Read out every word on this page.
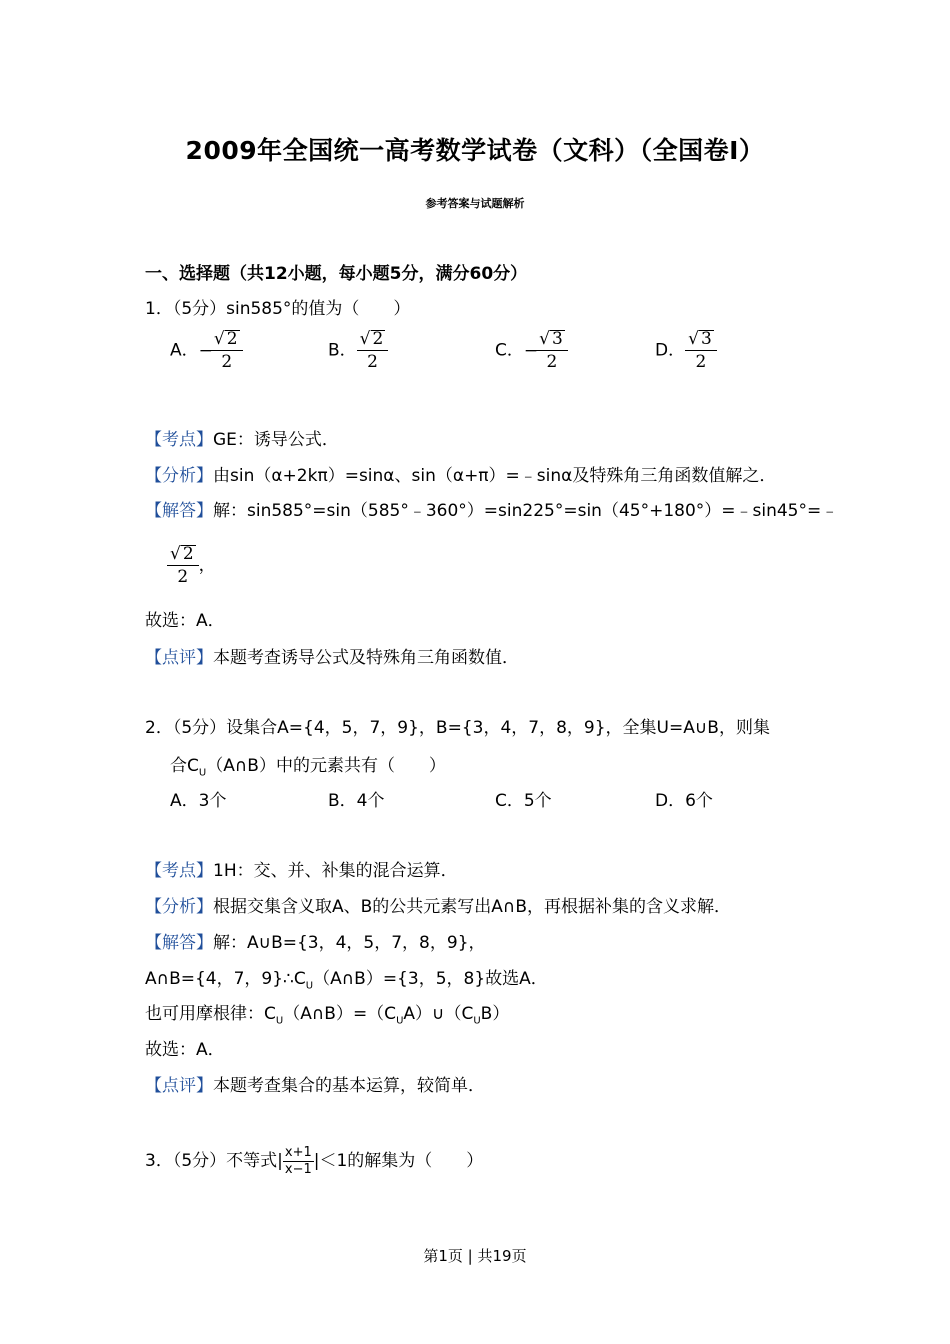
2009年全国统一高考数学试卷（文科）（全国卷Ⅰ）
参考答案与试题解析
一、选择题（共12小题，每小题5分，满分60分）
1．（5分）sin585°的值为（　　）
A．−
$\frac{√ 2}{2}$	B． $\frac{√ 2}{2}$	C．−
$\frac{√ 3}{2}$	D． $\frac{√ 3}{2}$
【考点】GE：诱导公式．
【分析】由sin（α+2kπ）=sinα、sin（α+π）=﹣sinα及特殊角三角函数值解之．
【解答】解：sin585°=sin（585°﹣360°）=sin225°=sin（45°+180°）=﹣sin45°=﹣
$\frac{√ 2}{2}$ ，
故选：A．
【点评】本题考查诱导公式及特殊角三角函数值．
2．（5分）设集合A={4，5，7，9}，B={3，4，7，8，9}，全集U=A∪B，则集
合$C_U(A\cap B)$中的元素共有（　　）
A．3个	B．4个	C．5个	D．6个
【考点】1H：交、并、补集的混合运算．
【分析】根据交集含义取A、B的公共元素写出A∩B，再根据补集的含义求解．
【解答】解：A∪B={3，4，5，7，8，9}，
A∩B={4，7，$9\}\therefore C_U(A\cap B)=\{3$，5，8}故选A．
也可用摩根律：$C_U(A\cap B)=(C_UA)\cup(C_UB)$
故选：A．
【点评】本题考查集合的基本运算，较简单．
3．（5分）不等式| $\frac{x+1}{x-1} |<1$的解集为（　　）
第1页 | 共19页
